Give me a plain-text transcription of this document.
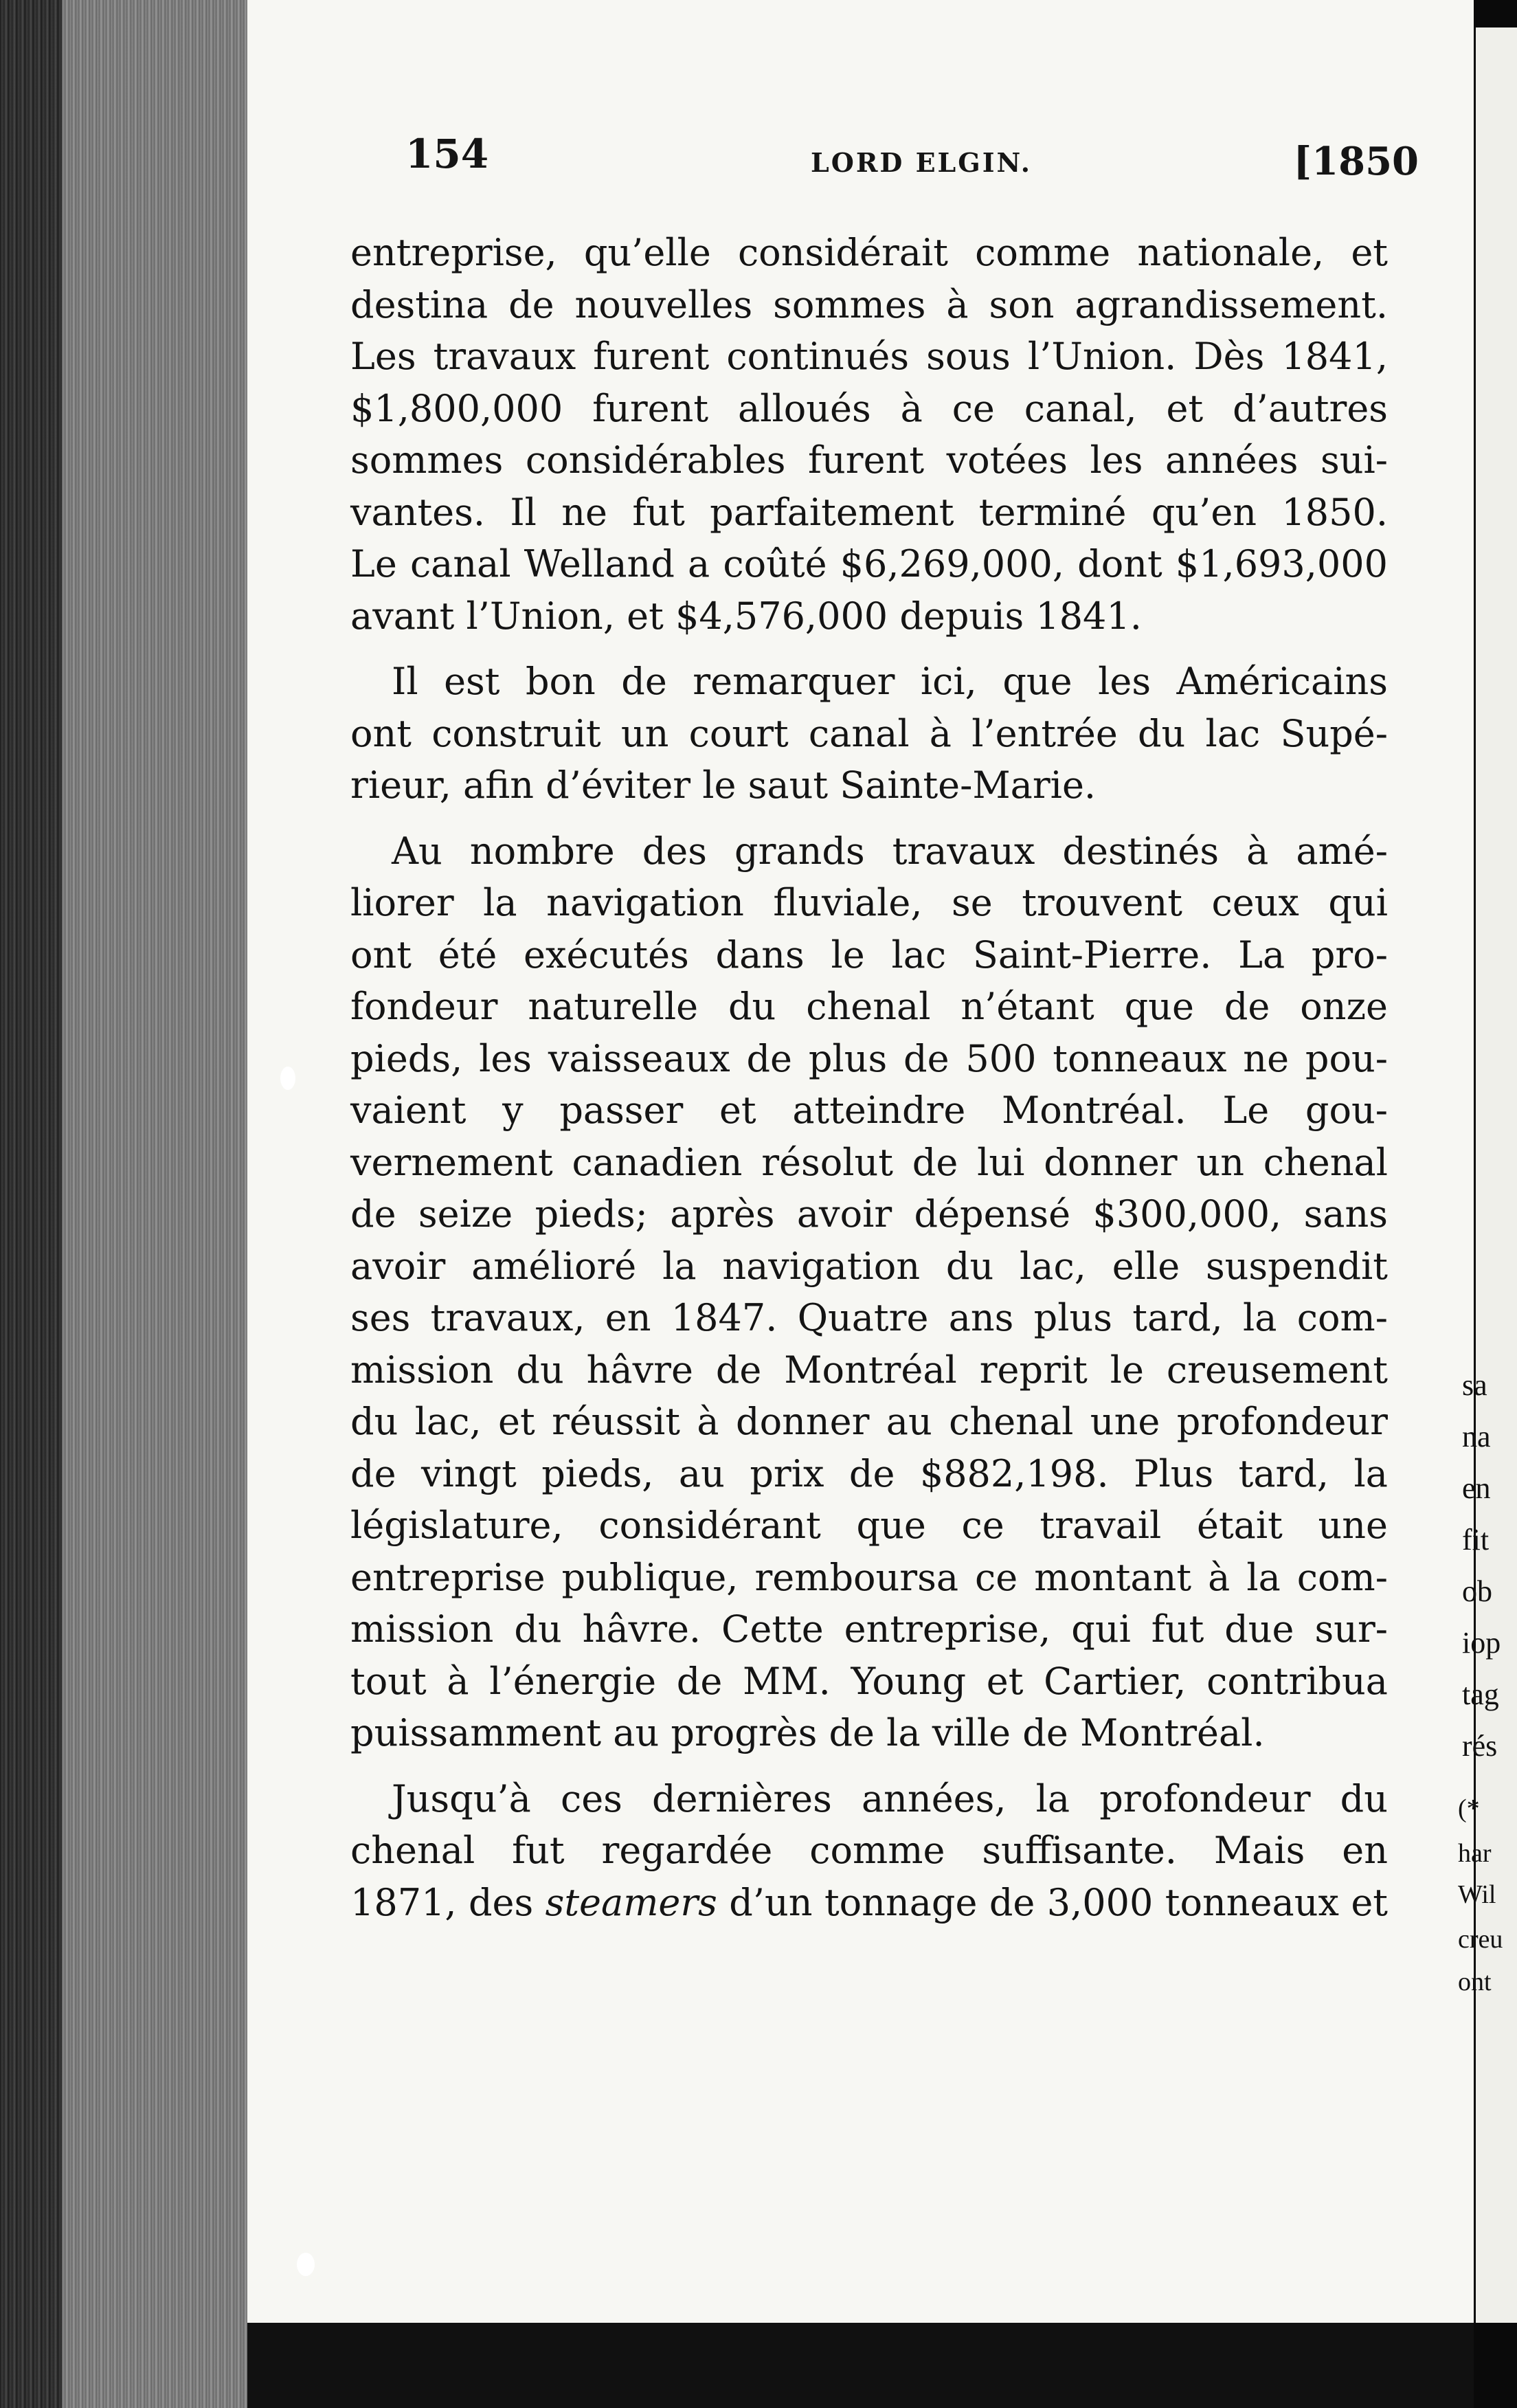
sa
na
en
fit
ob
iop
tag
rés
(*
har
Wil
creu
ont
154	LORD ELGIN.	[1850
entreprise, qu’elle considérait comme nationale, et
destina de nouvelles sommes à son agrandissement.
Les travaux furent continués sous l’Union. Dès 1841,
$1,800,000 furent alloués à ce canal, et d’autres
sommes considérables furent votées les années sui-
vantes. Il ne fut parfaitement terminé qu’en 1850.
Le canal Welland a coûté $6,269,000, dont $1,693,000
avant l’Union, et $4,576,000 depuis 1841.
Il est bon de remarquer ici, que les Américains
ont construit un court canal à l’entrée du lac Supé-
rieur, afin d’éviter le saut Sainte-Marie.
Au nombre des grands travaux destinés à amé-
liorer la navigation fluviale, se trouvent ceux qui
ont été exécutés dans le lac Saint-Pierre. La pro-
fondeur naturelle du chenal n’étant que de onze
pieds, les vaisseaux de plus de 500 tonneaux ne pou-
vaient y passer et atteindre Montréal. Le gou-
vernement canadien résolut de lui donner un chenal
de seize pieds; après avoir dépensé $300,000, sans
avoir amélioré la navigation du lac, elle suspendit
ses travaux, en 1847. Quatre ans plus tard, la com-
mission du hâvre de Montréal reprit le creusement
du lac, et réussit à donner au chenal une profondeur
de vingt pieds, au prix de $882,198. Plus tard, la
législature, considérant que ce travail était une
entreprise publique, remboursa ce montant à la com-
mission du hâvre. Cette entreprise, qui fut due sur-
tout à l’énergie de MM. Young et Cartier, contribua
puissamment au progrès de la ville de Montréal.
Jusqu’à ces dernières années, la profondeur du
chenal fut regardée comme suffisante. Mais en
1871, des steamers d’un tonnage de 3,000 tonneaux et
